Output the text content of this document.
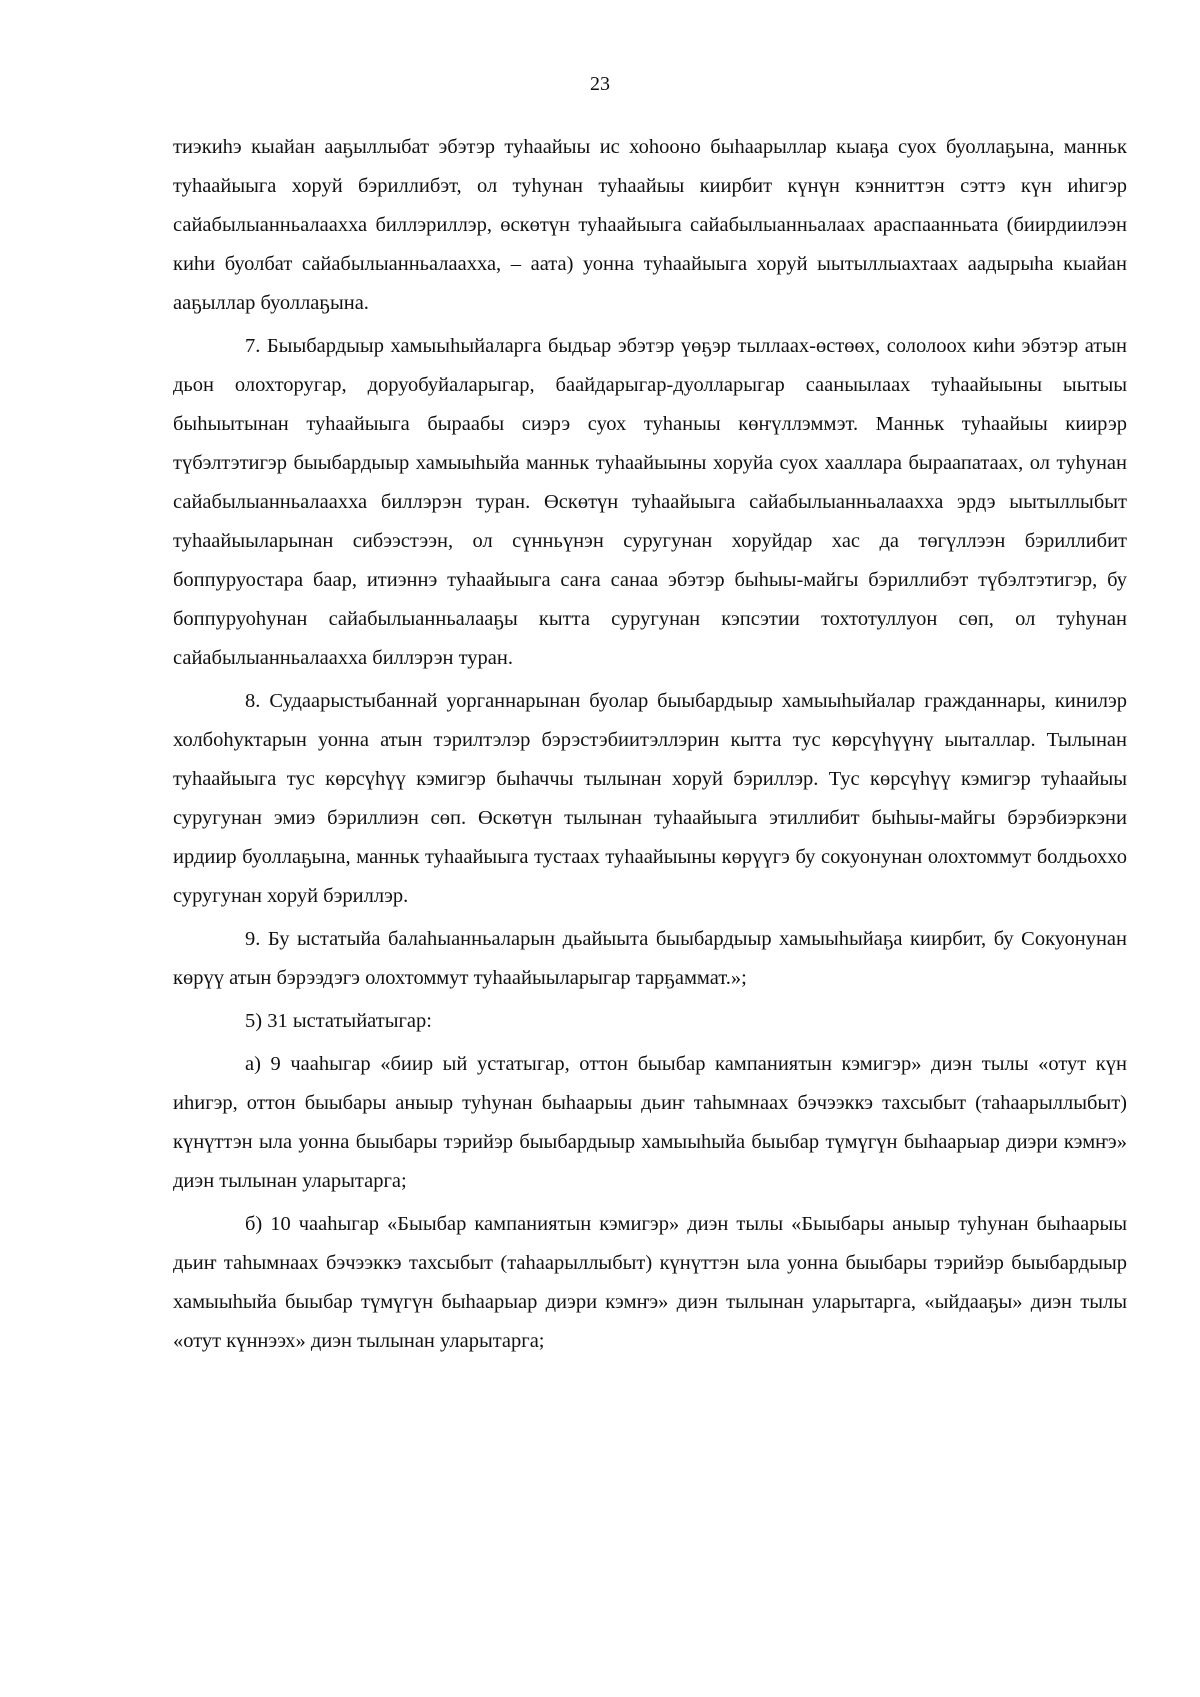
23

тиэкиһэ кыайан ааҕыллыбат эбэтэр туһаайыы ис хоһооно быһаарыллар кыаҕа суох буоллаҕына, манньк туһаайыыга хоруй бэриллибэт, ол туһунан туһаайыы киирбит күнүн кэнниттэн сэттэ күн иһигэр сайабылыанньалаахха биллэриллэр, өскөтүн туһаайыыга сайабылыанньалаах араспаанньата (биирдиилээн киһи буолбат сайабылыанньалаахха, – аата) уонна туһаайыыга хоруй ыытыллыахтаах аадырыһа кыайан ааҕыллар буоллаҕына.

7. Быыбардыыр хамыыһыйаларга быдьар эбэтэр үөҕэр тыллаах-өстөөх, сололоох киһи эбэтэр атын дьон олохторугар, доруобуйаларыгар, баайдарыгар-дуолларыгар сааныылаах туһаайыыны ыытыы быһыытынан туһаайыыга быраабы сиэрэ суох туһаныы көҥүллэммэт. Манньк туһаайыы киирэр түбэлтэтигэр быыбардыыр хамыыһыйа манньк туһаайыыны хоруйа суох хааллара быраапатаах, ол туһунан сайабылыанньалаахха биллэрэн туран. Өскөтүн туһаайыыга сайабылыанньалаахха эрдэ ыытыллыбыт туһаайыыларынан сибээстээн, ол сүнньүнэн суругунан хоруйдар хас да төгүллээн бэриллибит боппуруостара баар, итиэннэ туһаайыыга саҥа санаа эбэтэр быһыы-майгы бэриллибэт түбэлтэтигэр, бу боппуруоһунан сайабылыанньалааҕы кытта суругунан кэпсэтии тохтотуллуон сөп, ол туһунан сайабылыанньалаахха биллэрэн туран.

8. Судаарыстыбаннай уорганнарынан буолар быыбардыыр хамыыһыйалар гражданнары, кинилэр холбоһуктарын уонна атын тэрилтэлэр бэрэстэбиитэллэрин кытта тус көрсүһүүнү ыыталлар. Тылынан туһаайыыга тус көрсүһүү кэмигэр быһаччы тылынан хоруй бэриллэр. Тус көрсүһүү кэмигэр туһаайыы суругунан эмиэ бэриллиэн сөп. Өскөтүн тылынан туһаайыыга этиллибит быһыы-майгы бэрэбиэркэни ирдиир буоллаҕына, манньк туһаайыыга тустаах туһаайыыны көрүүгэ бу сокуонунан олохтоммут болдьоххо суругунан хоруй бэриллэр.

9. Бу ыстатыйа балаһыанньаларын дьайыыта быыбардыыр хамыыһыйаҕа киирбит, бу Сокуонунан көрүү атын бэрээдэгэ олохтоммут туһаайыыларыгар тарҕаммат.»;

5) 31 ыстатыйатыгар:

а) 9 чааһыгар «биир ый устатыгар, оттон быыбар кампаниятын кэмигэр» диэн тылы «отут күн иһигэр, оттон быыбары аныыр туһунан быһаарыы дьиҥ таһымнаах бэчээккэ тахсыбыт (таһаарыллыбыт) күнүттэн ыла уонна быыбары тэрийэр быыбардыыр хамыыһыйа быыбар түмүгүн быһаарыар диэри кэмҥэ» диэн тылынан уларытарга;

б) 10 чааһыгар «Быыбар кампаниятын кэмигэр» диэн тылы «Быыбары аныыр туһунан быһаарыы дьиҥ таһымнаах бэчээккэ тахсыбыт (таһаарыллыбыт) күнүттэн ыла уонна быыбары тэрийэр быыбардыыр хамыыһыйа быыбар түмүгүн быһаарыар диэри кэмҥэ» диэн тылынан уларытарга, «ыйдааҕы» диэн тылы «отут күннээх» диэн тылынан уларытарга;
